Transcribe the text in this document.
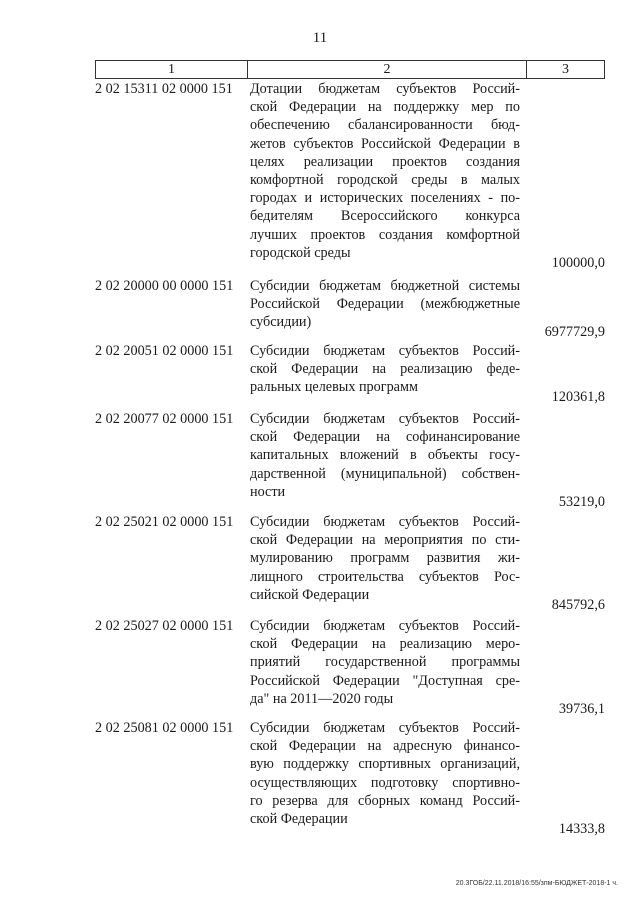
11
1	2	3
2 02 15311 02 0000 151	Дотации бюджетам субъектов Россий-
ской Федерации на поддержку мер по
обеспечению сбалансированности бюд-
жетов субъектов Российской Федерации в
целях реализации проектов создания
комфортной городской среды в малых
городах и исторических поселениях - по-
бедителям Всероссийского конкурса
лучших проектов создания комфортной
городской среды
100000,0
2 02 20000 00 0000 151	Субсидии бюджетам бюджетной системы
Российской Федерации (межбюджетные
субсидии)
6977729,9
2 02 20051 02 0000 151	Субсидии бюджетам субъектов Россий-
ской Федерации на реализацию феде-
ральных целевых программ
120361,8
2 02 20077 02 0000 151	Субсидии бюджетам субъектов Россий-
ской Федерации на софинансирование
капитальных вложений в объекты госу-
дарственной (муниципальной) собствен-
ности
53219,0
2 02 25021 02 0000 151	Субсидии бюджетам субъектов Россий-
ской Федерации на мероприятия по сти-
мулированию программ развития жи-
лищного строительства субъектов Рос-
сийской Федерации
845792,6
2 02 25027 02 0000 151	Субсидии бюджетам субъектов Россий-
ской Федерации на реализацию меро-
приятий государственной программы
Российской Федерации "Доступная сре-
да" на 2011—2020 годы
39736,1
2 02 25081 02 0000 151	Субсидии бюджетам субъектов Россий-
ской Федерации на адресную финансо-
вую поддержку спортивных организаций,
осуществляющих подготовку спортивно-
го резерва для сборных команд Россий-
ской Федерации
14333,8
20.3ГОБ/22.11.2018/16:55/зпм-БЮДЖЕТ-2018-1 ч.
